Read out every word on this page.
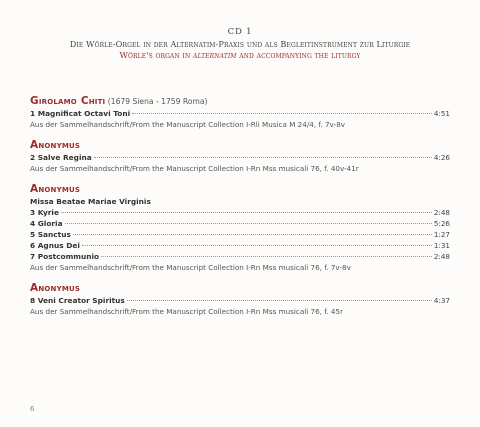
CD 1
Die Wörle-Orgel in der Alternatim-Praxis und als Begleitinstrument zur Liturgie
Wörle's organ in alternatim and accompanying the liturgy
Girolamo Chiti (1679 Siena - 1759 Roma)
1 Magnificat Octavi Toni	4:51
Aus der Sammelhandschrift/From the Manuscript Collection I-Rli Musica M 24/4, f. 7v-8v
Anonymus
2 Salve Regina	4:26
Aus der Sammelhandschrift/From the Manuscript Collection I-Rn Mss musicali 76, f. 40v-41r
Anonymus
Missa Beatae Mariae Virginis
3 Kyrie	2:48
4 Gloria	5:26
5 Sanctus	1:27
6 Agnus Dei	1:31
7 Postcommunio	2:48
Aus der Sammelhandschrift/From the Manuscript Collection I-Rn Mss musicali 76, f. 7v-8v
Anonymus
8 Veni Creator Spiritus	4:37
Aus der Sammelhandschrift/From the Manuscript Collection I-Rn Mss musicali 76, f. 45r
6
